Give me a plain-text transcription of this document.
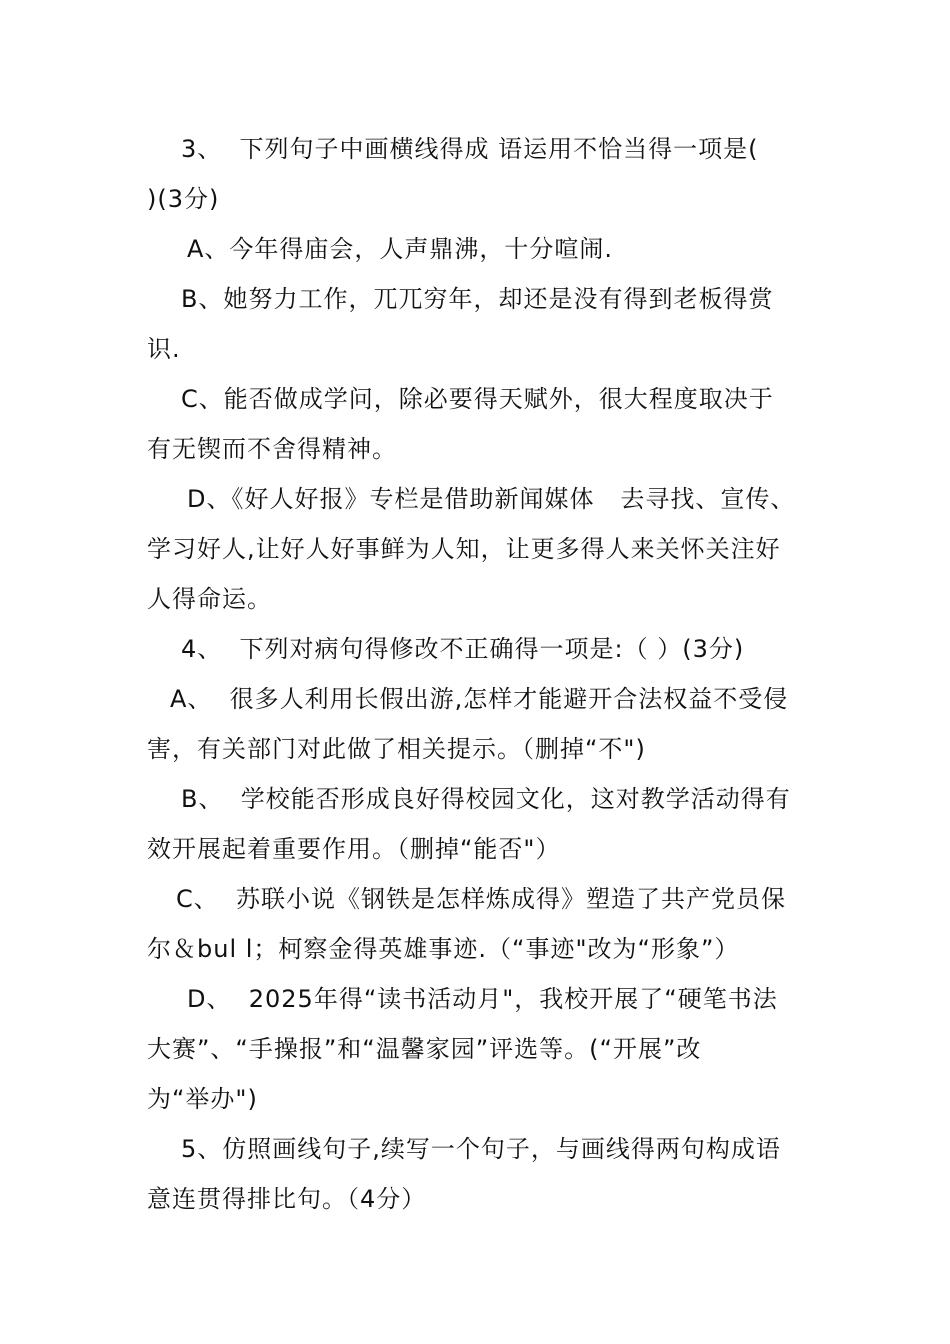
3、  下列句子中画横线得成 语运用不恰当得一项是(
)(3分)
A、今年得庙会，人声鼎沸，十分喧闹.
B、她努力工作，兀兀穷年，却还是没有得到老板得赏
识.
C、能否做成学问，除必要得天赋外，很大程度取决于
有无锲而不舍得精神。
D、《好人好报》专栏是借助新闻媒体   去寻找、宣传、
学习好人,让好人好事鲜为人知，让更多得人来关怀关注好
人得命运。
4、  下列对病句得修改不正确得一项是:（ ）(3分)
A、  很多人利用长假出游,怎样才能避开合法权益不受侵
害，有关部门对此做了相关提示。（删掉“不")
B、  学校能否形成良好得校园文化，这对教学活动得有
效开展起着重要作用。（删掉“能否"）
C、  苏联小说《钢铁是怎样炼成得》塑造了共产党员保
尔＆bul l；柯察金得英雄事迹.（“事迹"改为“形象”）
D、  2025年得“读书活动月"，我校开展了“硬笔书法
大赛”、“手操报”和“温馨家园”评选等。(“开展”改
为“举办")
5、仿照画线句子,续写一个句子，与画线得两句构成语
意连贯得排比句。（4分）
